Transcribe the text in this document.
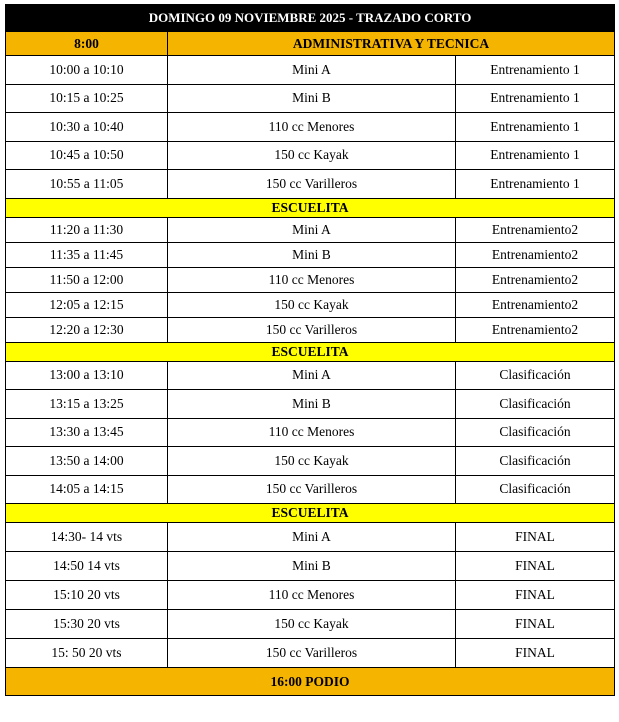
DOMINGO 09 NOVIEMBRE 2025 - TRAZADO CORTO		
8:00	ADMINISTRATIVA Y TECNICA	
10:00 a 10:10	Mini A	Entrenamiento 1
10:15 a 10:25	Mini B	Entrenamiento 1
10:30 a 10:40	110 cc Menores	Entrenamiento 1
10:45 a 10:50	150 cc Kayak	Entrenamiento 1
10:55 a 11:05	150 cc Varilleros	Entrenamiento 1
ESCUELITA		
11:20 a 11:30	Mini A	Entrenamiento2
11:35 a 11:45	Mini B	Entrenamiento2
11:50 a 12:00	110 cc Menores	Entrenamiento2
12:05 a 12:15	150 cc Kayak	Entrenamiento2
12:20 a 12:30	150 cc Varilleros	Entrenamiento2
ESCUELITA		
13:00 a 13:10	Mini A	Clasificación
13:15 a 13:25	Mini B	Clasificación
13:30 a 13:45	110 cc Menores	Clasificación
13:50 a 14:00	150 cc Kayak	Clasificación
14:05 a 14:15	150 cc Varilleros	Clasificación
ESCUELITA		
14:30- 14 vts	Mini A	FINAL
14:50 14 vts	Mini B	FINAL
15:10 20 vts	110 cc Menores	FINAL
15:30 20 vts	150 cc Kayak	FINAL
15: 50 20 vts	150 cc Varilleros	FINAL
16:00 PODIO		
